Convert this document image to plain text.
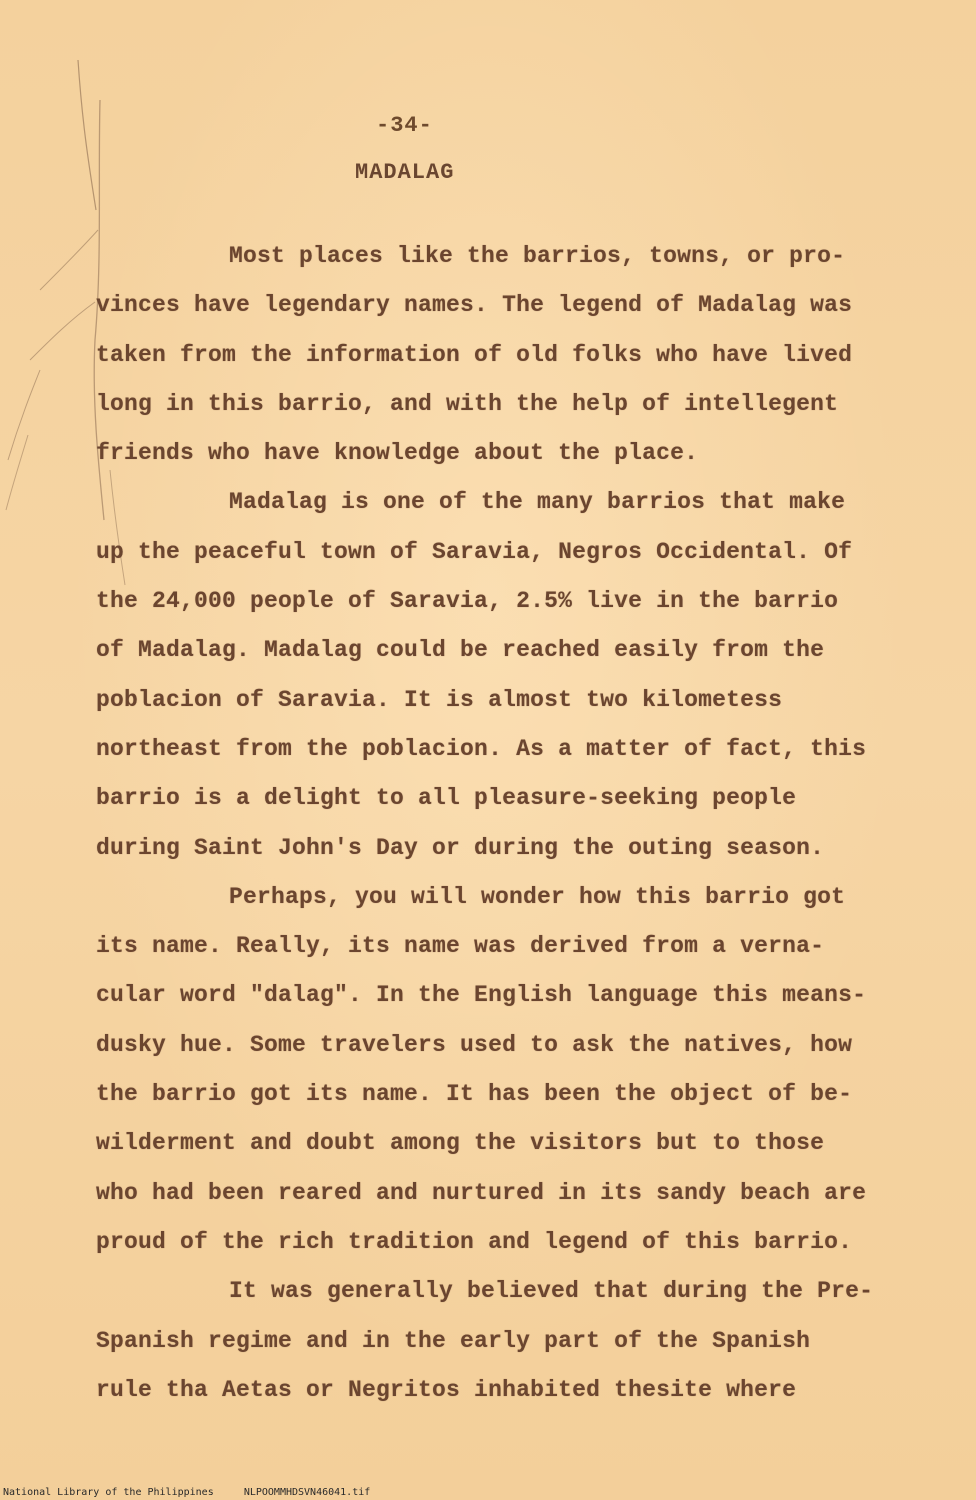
-34-
MADALAG
Most places like the barrios, towns, or pro-
vinces have legendary names. The legend of Madalag was
taken from the information of old folks who have lived
long in this barrio, and with the help of intellegent
friends who have knowledge about the place.
Madalag is one of the many barrios that make
up the peaceful town of Saravia, Negros Occidental. Of
the 24,000 people of Saravia, 2.5% live in the barrio
of Madalag. Madalag could be reached easily from the
poblacion of Saravia. It is almost two kilometess
northeast from the poblacion. As a matter of fact, this
barrio is a delight to all pleasure-seeking people
during Saint John's Day or during the outing season.
Perhaps, you will wonder how this barrio got
its name. Really, its name was derived from a verna-
cular word "dalag". In the English language this means-
dusky hue. Some travelers used to ask the natives, how
the barrio got its name. It has been the object of be-
wilderment and doubt among the visitors but to those
who had been reared and nurtured in its sandy beach are
proud of the rich tradition and legend of this barrio.
It was generally believed that during the Pre-
Spanish regime and in the early part of the Spanish
rule tha Aetas or Negritos inhabited thesite where
National Library of the Philippines     NLPOOMMHDSVN46041.tif
